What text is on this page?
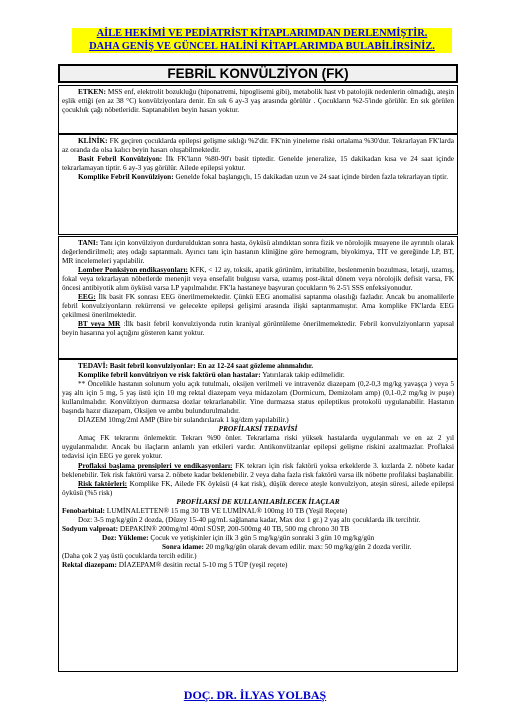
AİLE HEKİMİ VE PEDİATRİST KİTAPLARIMDAN DERLENMİŞTİR.
DAHA GENİŞ VE GÜNCEL HALİNİ KİTAPLARIMDA BULABİLİRSİNİZ.
FEBRİL KONVÜLZİYON (FK)

ETKEN: MSS enf, elektrolit bozukluğu (hiponatremi, hipoglisemi gibi), metabolik hast vb patolojik nedenlerin olmadığı, ateşin eşlik ettiği (en az 38 °C) konvülziyonlara denir. En sık 6 ay-3 yaş arasında görülür . Çocukların %2-5'inde görülür. En sık görülen çocukluk çağı nöbetleridir. Saptanabilen beyin hasarı yoktur.

KLİNİK: FK geçiren çocuklarda epilepsi gelişme sıklığı %2'dir. FK'nin yineleme riski ortalama %30'dur. Tekrarlayan FK'larda az oranda da olsa kalıcı beyin hasarı oluşabilmektedir.

Basit Febril Konvülziyon: İlk FK'ların %80-90'ı basit tiptedir. Genelde jeneralize, 15 dakikadan kısa ve 24 saat içinde tekrarlamayan tiptir. 6 ay-3 yaş görülür. Ailede epilepsi yoktur.

Komplike Febril Konvülziyon: Genelde fokal başlangıçlı, 15 dakikadan uzun ve 24 saat içinde birden fazla tekrarlayan tiptir.

TANI: Tanı için konvülziyon durdurulduktan sonra hasta, öyküsü alındıktan sonra fizik ve nörolojik muayene ile ayrıntılı olarak değerlendirilmeli; ateş odağı saptanmalı. Ayırıcı tanı için hastanın kliniğine göre hemogram, biyokimya, TİT ve gereğinde LP, BT, MR incelemeleri yapılabilir.

Lomber Ponksiyon endikasyonları: KFK, < 12 ay, toksik, apatik görünüm, irritabilite, beslenmenin bozulması, letarji, uzamış, fokal veya tekrarlayan nöbetlerde menenjit veya ensefalit bulgusu varsa, uzamış post-iktal dönem veya nörolojik defisit varsa, FK öncesi antibiyotik alım öyküsü varsa LP yapılmalıdır. FK'la hastaneye başvuran çocukların % 2-5'i SSS enfeksiyonudur.

EEG: İlk basit FK sonrası EEG önerilmemektedir. Çünkü EEG anomalisi saptanma olasılığı fazladır. Ancak bu anomalilerle febril konvulziyonların rekürrensi ve gelecekte epilepsi gelişimi arasında ilişki saptanmamıştır. Ama komplike FK'larda EEG çekilmesi önerilmektedir.

BT veya MR :İlk basit febril konvulziyonda rutin kraniyal görüntüleme önerilmemektedir. Febril konvulziyonların yapısal beyin hasarına yol açtığını gösteren kanıt yoktur.

TEDAVİ: Basit febril konvulziyonlar: En az 12-24 saat gözleme alınmalıdır.

Komplike febril konvülziyon ve risk faktörü olan hastalar: Yatırılarak takip edilmelidir.

** Öncelikle hastanın solunum yolu açık tutulmalı, oksijen verilmeli ve intravenöz diazepam (0,2-0,3 mg/kg yavaşça ) veya 5 yaş altı için 5 mg, 5 yaş üstü için 10 mg rektal diazepam veya midazolam (Dormicum, Demizolam amp) (0,1-0,2 mg/kg iv puşe) kullanılmalıdır. Konvülziyon durmazsa dozlar tekrarlanabilir. Yine durmazsa status epileptikus protokolü uygulanabilir. Hastanın başında hazır diazepam, Oksijen ve ambu bulundurulmalıdır.

DİAZEM 10mg/2ml AMP (Bire bir sulandırılarak 1 kg/dzm yapılabilir.)

PROFİLAKSİ TEDAVİSİ

Amaç FK tekrarını önlemektir. Tekrarı %90 önler. Tekrarlama riski yüksek hastalarda uygulanmalı ve en az 2 yıl uygulanmalıdır. Ancak bu ilaçların anlamlı yan etkileri vardır. Antikonvülzanlar epilepsi gelişme riskini azaltmazlar. Proflaksi tedavisi için EEG ye gerek yoktur.

Proflaksi başlama prensipleri ve endikasyonları: FK tekrarı için risk faktörü yoksa erkeklerde 3. kızlarda 2. nöbete kadar beklenebilir. Tek risk faktörü varsa 2. nöbete kadar beklenebilir. 2 veya daha fazla risk faktörü varsa ilk nöbette profilaksi başlanabilir.

Risk faktörleri: Komplike FK, Ailede FK öyküsü (4 kat risk), düşük derece ateşle konvulziyon, ateşin süresi, ailede epilepsi öyküsü (%5 risk)

PROFİLAKSİ DE KULLANILABİLECEK İLAÇLAR

Fenobarbital: LUMİNALETTEN® 15 mg 30 TB VE LUMİNAL® 100mg 10 TB (Yeşil Reçete)

Doz: 3-5 mg/kg/gün 2 dozda, (Düzey 15-40 µg/mL sağlanana kadar, Max doz 1 gr.) 2 yaş altı çocuklarda ilk tercihtir.

Sodyum valproat: DEPAKİN® 200mg/ml 40ml SÜSP, 200-500mg 40 TB, 500 mg chrono 30 TB

Doz: Yükleme: Çocuk ve yetişkinler için ilk 3 gün 5 mg/kg/gün sonraki 3 gün 10 mg/kg/gün

Sonra idame: 20 mg/kg/gün olarak devam edilir. max: 50 mg/kg/gün 2 dozda verilir.

(Daha çok 2 yaş üstü çocuklarda tercih edilir.)

Rektal diazepam: DİAZEPAM® desitin rectal 5-10 mg 5 TÜP (yeşil reçete)

DOÇ. DR. İLYAS YOLBAŞ
